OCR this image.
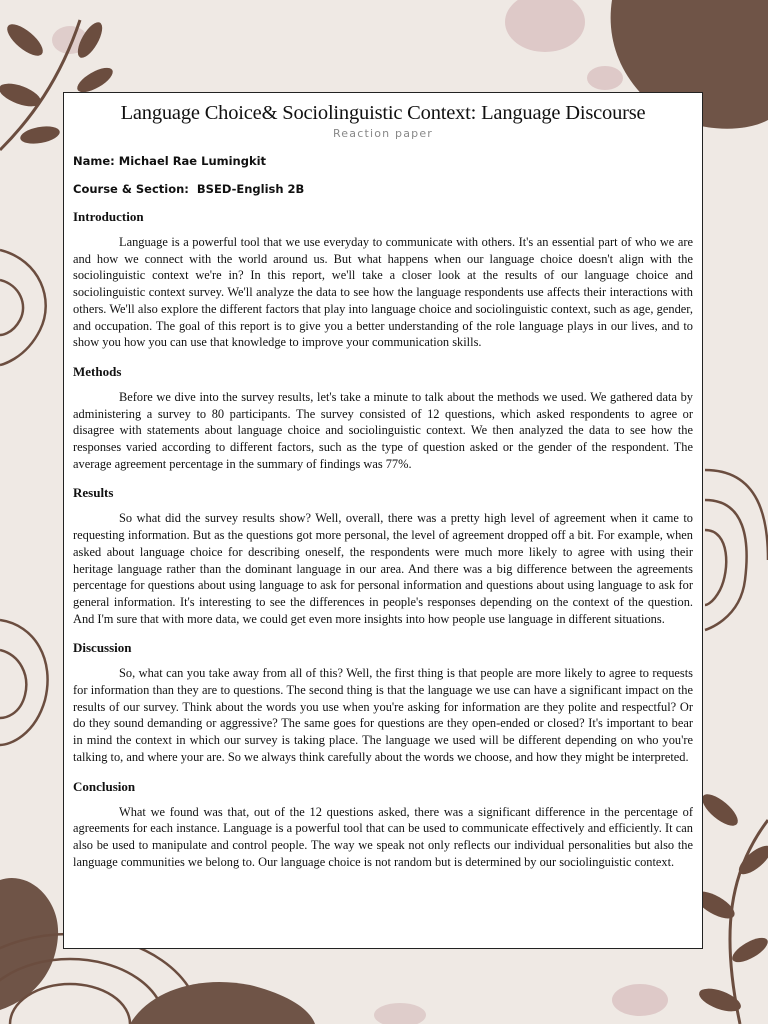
Language Choice& Sociolinguistic Context: Language Discourse
Reaction paper
Name: Michael Rae Lumingkit
Course & Section: BSED-English 2B
Introduction

Language is a powerful tool that we use everyday to communicate with others. It's an essential part of who we are and how we connect with the world around us. But what happens when our language choice doesn't align with the sociolinguistic context we're in? In this report, we'll take a closer look at the results of our language choice and sociolinguistic context survey. We'll analyze the data to see how the language respondents use affects their interactions with others. We'll also explore the different factors that play into language choice and sociolinguistic context, such as age, gender, and occupation. The goal of this report is to give you a better understanding of the role language plays in our lives, and to show you how you can use that knowledge to improve your communication skills.

Methods

Before we dive into the survey results, let's take a minute to talk about the methods we used. We gathered data by administering a survey to 80 participants. The survey consisted of 12 questions, which asked respondents to agree or disagree with statements about language choice and sociolinguistic context. We then analyzed the data to see how the responses varied according to different factors, such as the type of question asked or the gender of the respondent. The average agreement percentage in the summary of findings was 77%.

Results

So what did the survey results show? Well, overall, there was a pretty high level of agreement when it came to requesting information. But as the questions got more personal, the level of agreement dropped off a bit. For example, when asked about language choice for describing oneself, the respondents were much more likely to agree with using their heritage language rather than the dominant language in our area. And there was a big difference between the agreements percentage for questions about using language to ask for personal information and questions about using language to ask for general information. It's interesting to see the differences in people's responses depending on the context of the question. And I'm sure that with more data, we could get even more insights into how people use language in different situations.

Discussion

So, what can you take away from all of this? Well, the first thing is that people are more likely to agree to requests for information than they are to questions. The second thing is that the language we use can have a significant impact on the results of our survey. Think about the words you use when you're asking for information are they polite and respectful? Or do they sound demanding or aggressive? The same goes for questions are they open-ended or closed? It's important to bear in mind the context in which our survey is taking place. The language we used will be different depending on who you're talking to, and where your are. So we always think carefully about the words we choose, and how they might be interpreted.

Conclusion

What we found was that, out of the 12 questions asked, there was a significant difference in the percentage of agreements for each instance. Language is a powerful tool that can be used to communicate effectively and efficiently. It can also be used to manipulate and control people. The way we speak not only reflects our individual personalities but also the language communities we belong to. Our language choice is not random but is determined by our sociolinguistic context.
